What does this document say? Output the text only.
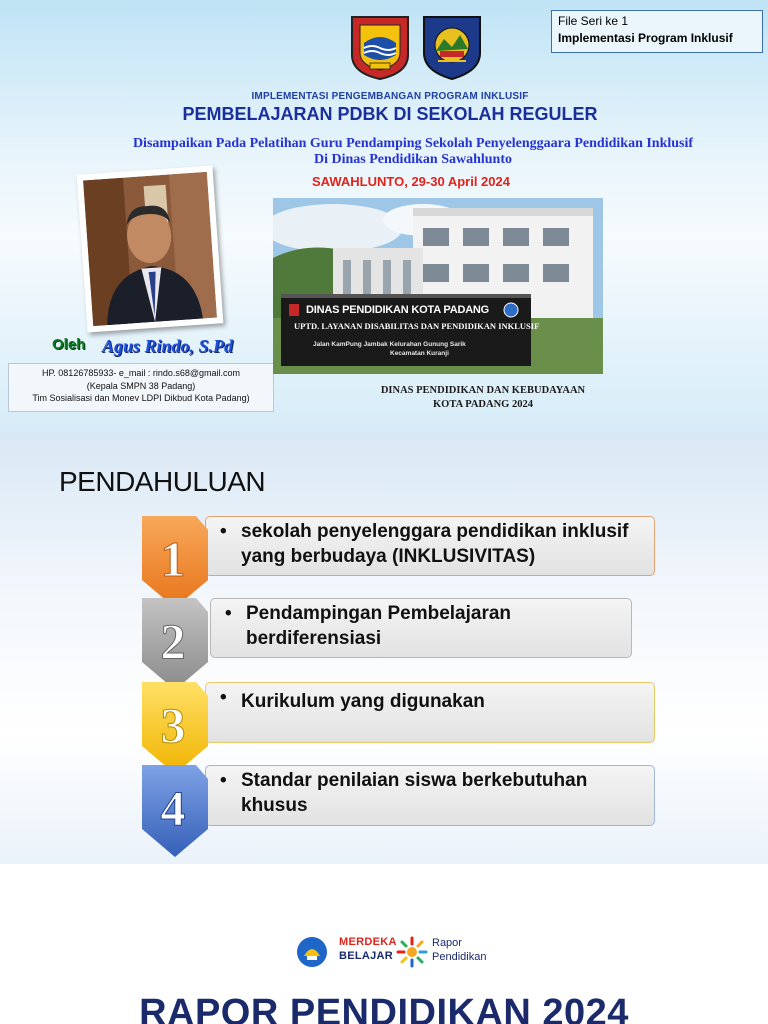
File Seri ke 1
Implementasi Program Inklusif
IMPLEMENTASI PENGEMBANGAN PROGRAM INKLUSIF
PEMBELAJARAN PDBK DI SEKOLAH REGULER
Disampaikan Pada Pelatihan Guru Pendamping Sekolah Penyelenggaara Pendidikan Inklusif
Di Dinas Pendidikan Sawahlunto
SAWAHLUNTO, 29-30 April 2024
Oleh Agus Rindo, S.Pd
HP. 08126785933- e_mail : rindo.s68@gmail.com
(Kepala SMPN 38 Padang)
Tim Sosialisasi dan Monev LDPI Dikbud Kota Padang)
DINAS PENDIDIKAN KOTA PADANG
UPTD. LAYANAN DISABILITAS DAN PENDIDIKAN INKLUSIF
Jalan KamPung Jambak Kelurahan Gunung Sarik
Kecamatan Kuranji
DINAS PENDIDIKAN DAN KEBUDAYAAN
KOTA PADANG 2024
PENDAHULUAN
• sekolah penyelenggara pendidikan inklusif yang berbudaya (INKLUSIVITAS)
1
• Pendampingan Pembelajaran berdiferensiasi
2
• Kurikulum yang digunakan
3
• Standar penilaian siswa berkebutuhan khusus
4
MERDEKA
BELAJAR
Rapor
Pendidikan
RAPOR PENDIDIKAN 2024
